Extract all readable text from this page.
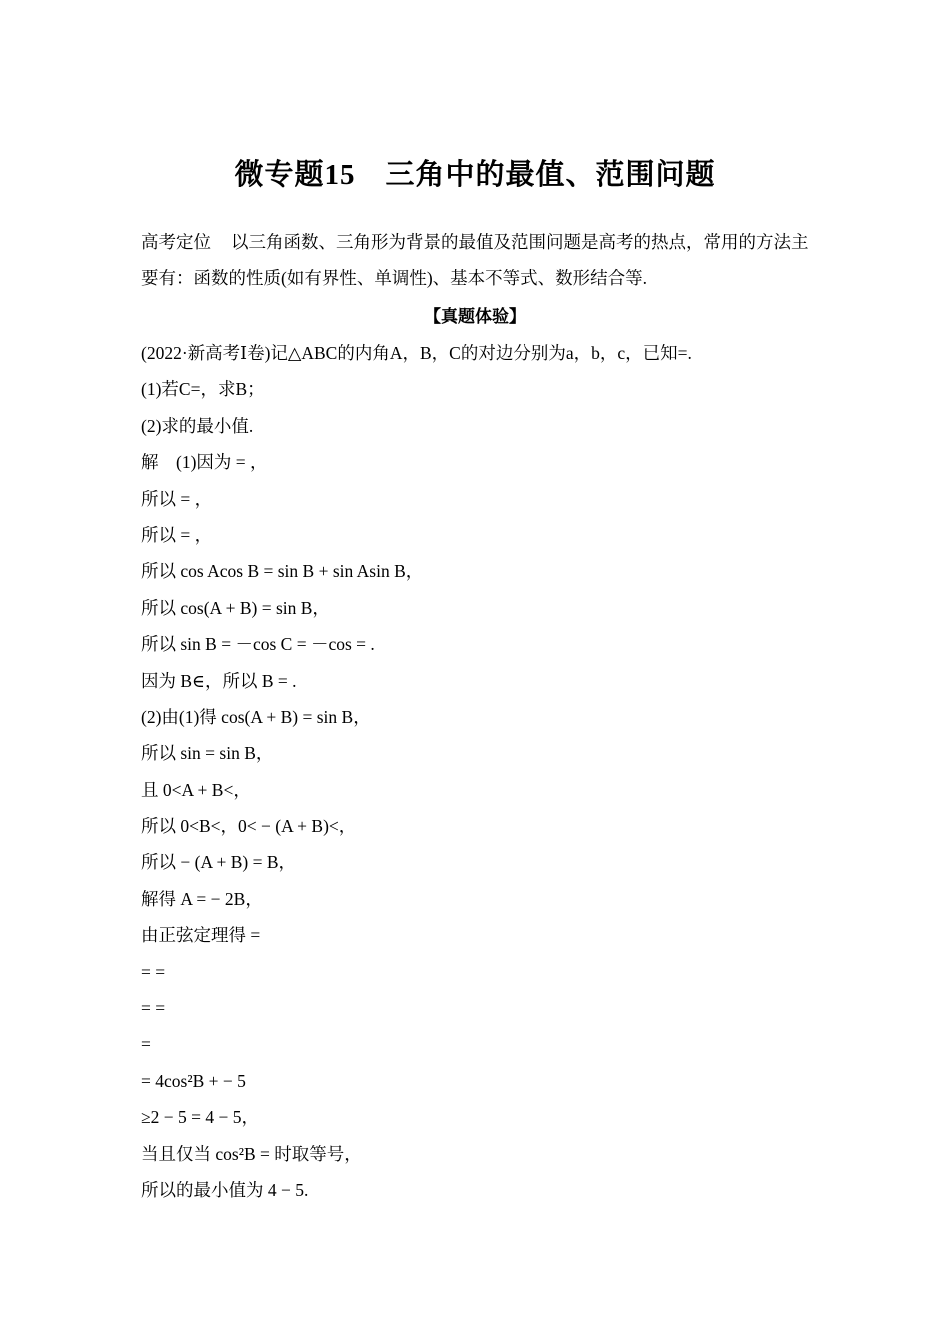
微专题15  三角中的最值、范围问题
高考定位 以三角函数、三角形为背景的最值及范围问题是高考的热点，常用的方法主要有：函数的性质(如有界性、单调性)、基本不等式、数形结合等.
【真题体验】
(2022·新高考Ⅰ卷)记△ABC的内角A，B，C的对边分别为a，b，c，已知=.
(1)若C=，求B；
(2)求的最小值.
解　(1)因为 = ，
所以 = ，
所以 = ，
所以 cos Acos B = sin B + sin Asin B，
所以 cos(A + B) = sin B，
所以 sin B = －cos C = －cos = .
因为 B∈，所以 B = .
(2)由(1)得 cos(A + B) = sin B，
所以 sin = sin B，
且 0<A + B<，
所以 0<B<，0< − (A + B)<，
所以 − (A + B) = B，
解得 A = − 2B，
由正弦定理得 =
= =
= =
=
= 4cos²B + − 5
≥2 − 5 = 4 − 5，
当且仅当 cos²B = 时取等号，
所以的最小值为 4 − 5.
